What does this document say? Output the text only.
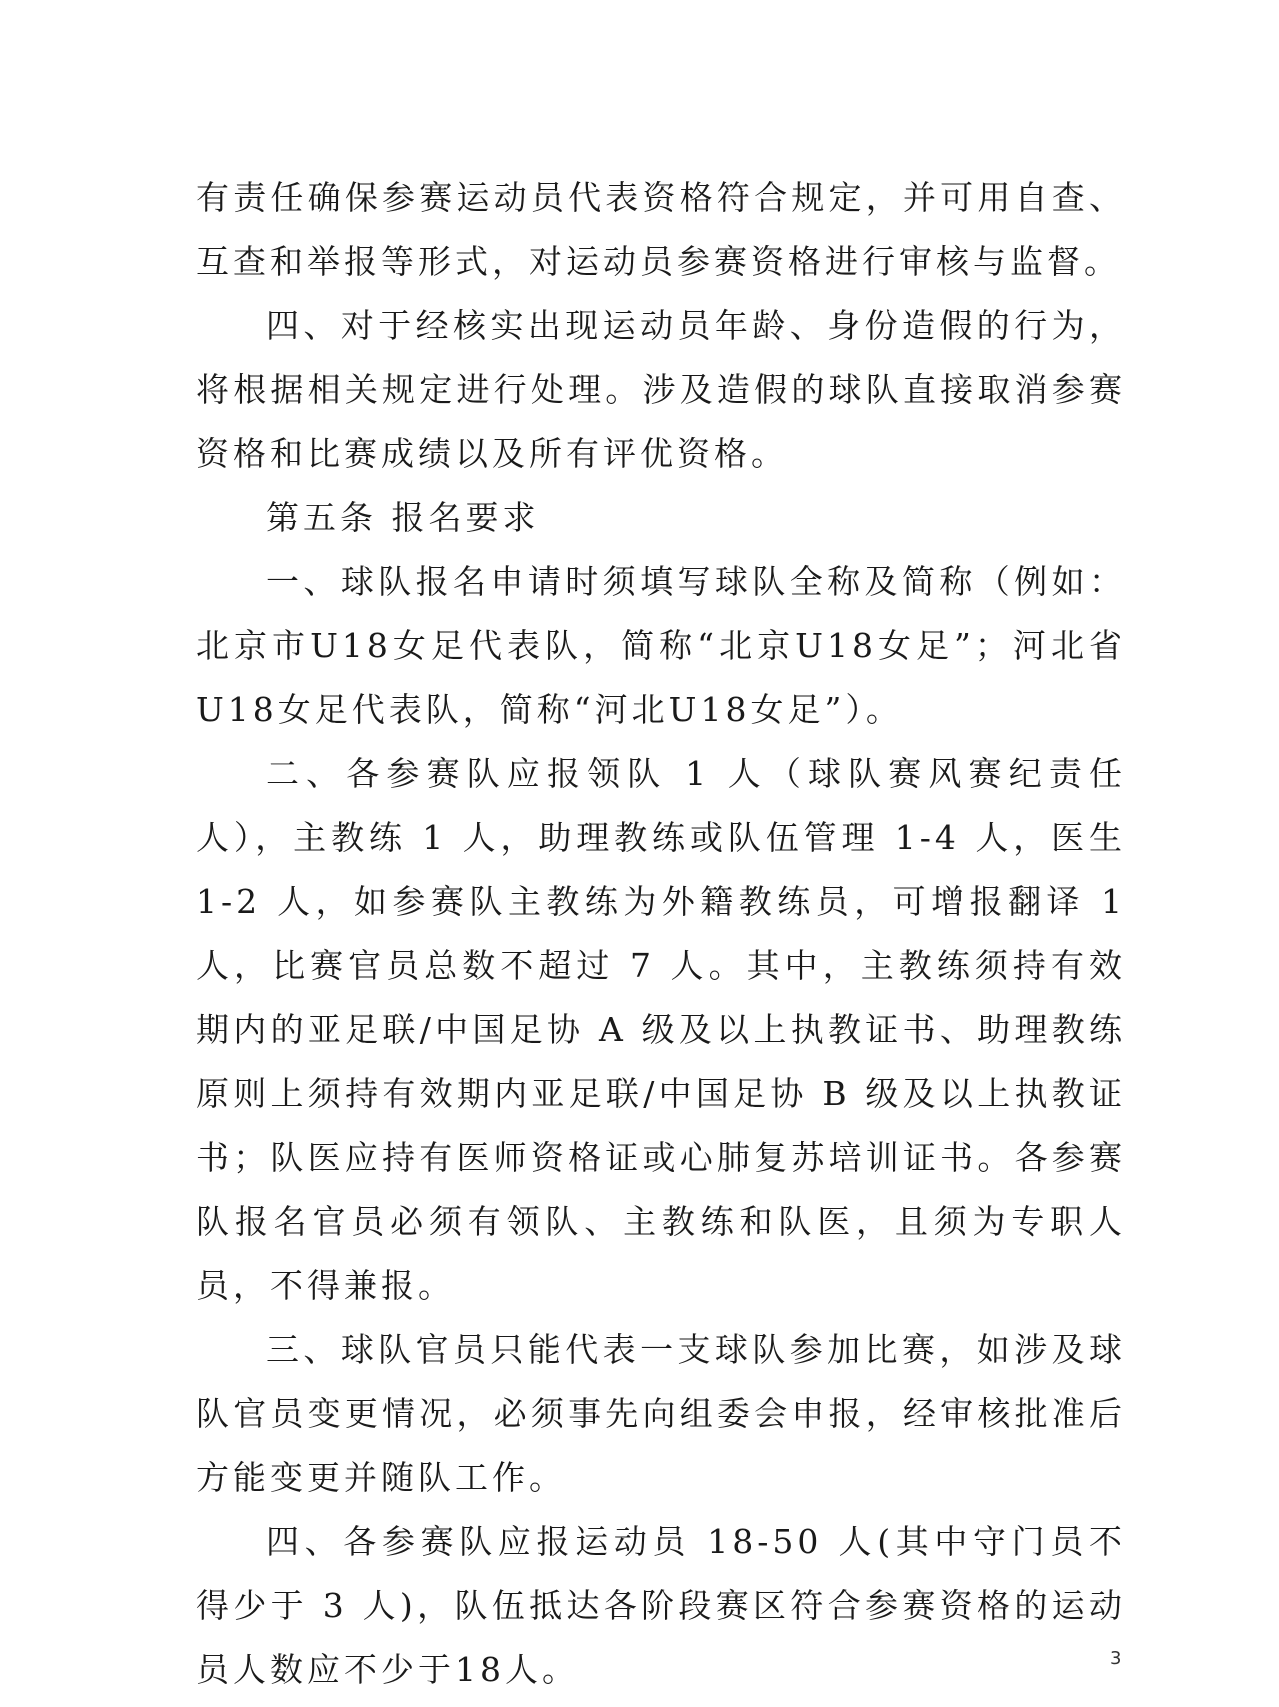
有责任确保参赛运动员代表资格符合规定，并可用自查、互查和举报等形式，对运动员参赛资格进行审核与监督。

四、对于经核实出现运动员年龄、身份造假的行为，将根据相关规定进行处理。涉及造假的球队直接取消参赛资格和比赛成绩以及所有评优资格。

第五条 报名要求

一、球队报名申请时须填写球队全称及简称（例如：北京市U18女足代表队，简称“北京U18女足”；河北省U18女足代表队，简称“河北U18女足”）。

二、各参赛队应报领队 1 人（球队赛风赛纪责任人），主教练 1 人，助理教练或队伍管理 1-4 人，医生 1-2 人，如参赛队主教练为外籍教练员，可增报翻译 1 人，比赛官员总数不超过 7 人。其中，主教练须持有效期内的亚足联/中国足协 A 级及以上执教证书、助理教练原则上须持有效期内亚足联/中国足协 B 级及以上执教证书；队医应持有医师资格证或心肺复苏培训证书。各参赛队报名官员必须有领队、主教练和队医，且须为专职人员，不得兼报。

三、球队官员只能代表一支球队参加比赛，如涉及球队官员变更情况，必须事先向组委会申报，经审核批准后方能变更并随队工作。

四、各参赛队应报运动员 18-50 人(其中守门员不得少于 3 人)，队伍抵达各阶段赛区符合参赛资格的运动员人数应不少于18人。	3
